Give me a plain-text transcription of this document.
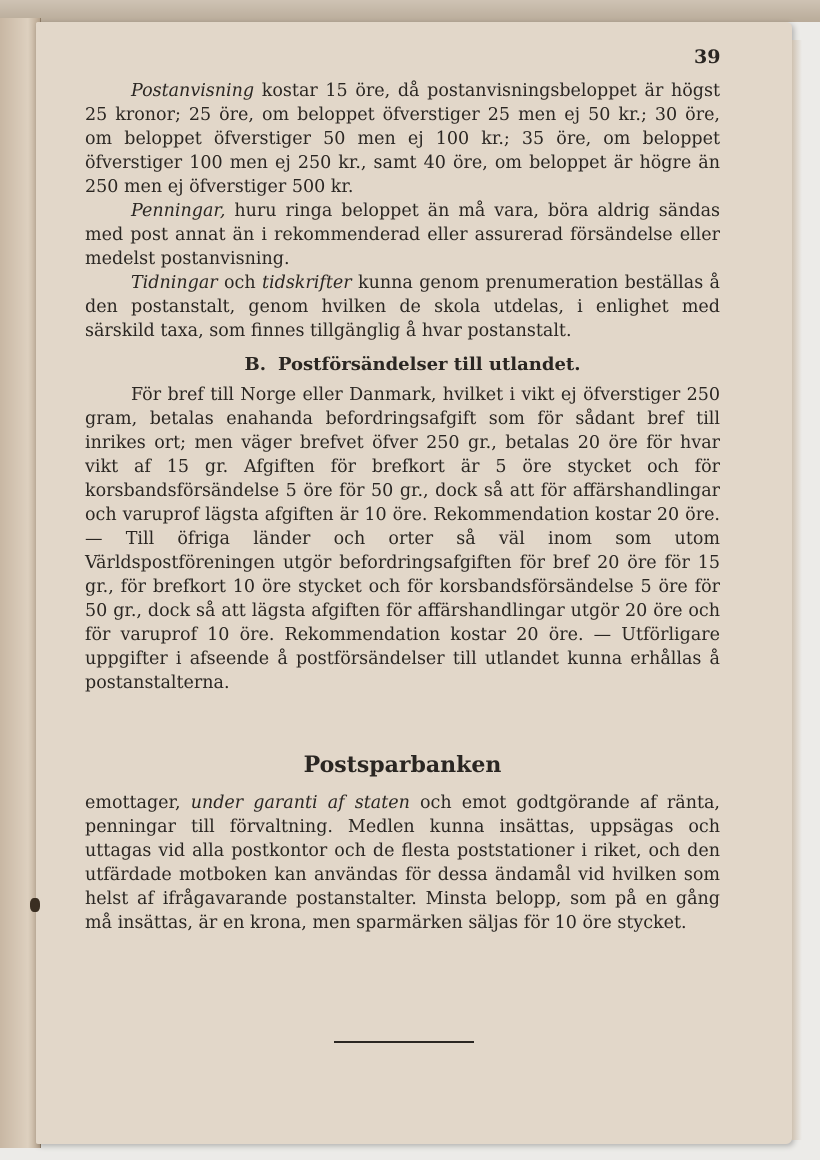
39

Postanvisning kostar 15 öre, då postanvisningsbeloppet är högst 25 kronor; 25 öre, om beloppet öfverstiger 25 men ej 50 kr.; 30 öre, om beloppet öfverstiger 50 men ej 100 kr.; 35 öre, om beloppet öfverstiger 100 men ej 250 kr., samt 40 öre, om beloppet är högre än 250 men ej öfverstiger 500 kr.

Penningar, huru ringa beloppet än må vara, böra aldrig sändas med post annat än i rekommenderad eller assurerad försändelse eller medelst postanvisning.

Tidningar och tidskrifter kunna genom prenumeration beställas å den postanstalt, genom hvilken de skola utdelas, i enlighet med särskild taxa, som finnes tillgänglig å hvar postanstalt.

B. Postförsändelser till utlandet.

För bref till Norge eller Danmark, hvilket i vikt ej öfverstiger 250 gram, betalas enahanda befordringsafgift som för sådant bref till inrikes ort; men väger brefvet öfver 250 gr., betalas 20 öre för hvar vikt af 15 gr. Afgiften för brefkort är 5 öre stycket och för korsbandsförsändelse 5 öre för 50 gr., dock så att för affärshandlingar och varuprof lägsta afgiften är 10 öre. Rekommendation kostar 20 öre. — Till öfriga länder och orter så väl inom som utom Världspostföreningen utgör befordringsafgiften för bref 20 öre för 15 gr., för brefkort 10 öre stycket och för korsbandsförsändelse 5 öre för 50 gr., dock så att lägsta afgiften för affärshandlingar utgör 20 öre och för varuprof 10 öre. Rekommendation kostar 20 öre. — Utförligare uppgifter i afseende å postförsändelser till utlandet kunna erhållas å postanstalterna.

Postsparbanken

emottager, under garanti af staten och emot godtgörande af ränta, penningar till förvaltning. Medlen kunna insättas, uppsägas och uttagas vid alla postkontor och de flesta poststationer i riket, och den utfärdade motboken kan användas för dessa ändamål vid hvilken som helst af ifrågavarande postanstalter. Minsta belopp, som på en gång må insättas, är en krona, men sparmärken säljas för 10 öre stycket.
